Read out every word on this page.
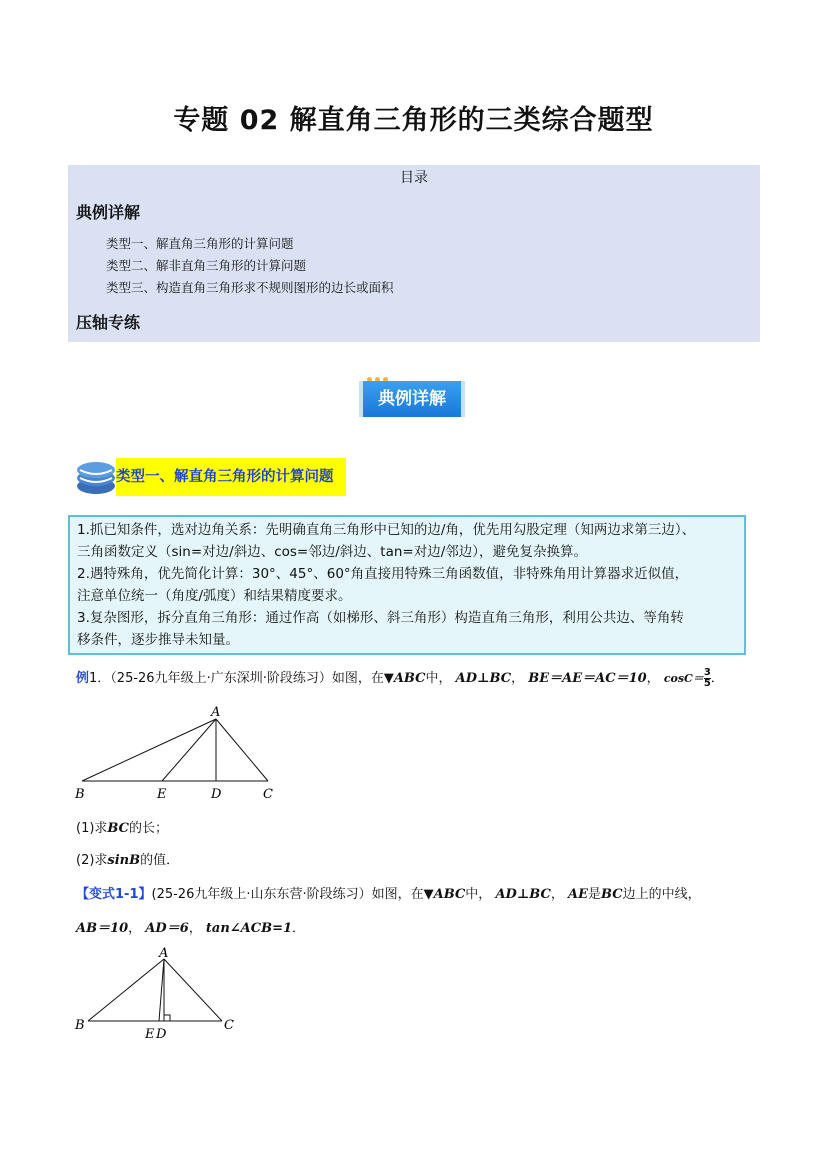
专题 02 解直角三角形的三类综合题型
目录
典例详解
类型一、解直角三角形的计算问题
类型二、解非直角三角形的计算问题
类型三、构造直角三角形求不规则图形的边长或面积
压轴专练
典例详解
类型一、解直角三角形的计算问题
1.抓已知条件，选对边角关系：先明确直角三角形中已知的边/角，优先用勾股定理（知两边求第三边）、
三角函数定义（sin=对边/斜边、cos=邻边/斜边、tan=对边/邻边），避免复杂换算。
2.遇特殊角，优先简化计算：30°、45°、60°角直接用特殊三角函数值，非特殊角用计算器求近似值，
注意单位统一（角度/弧度）和结果精度要求。
3.复杂图形，拆分直角三角形：通过作高（如梯形、斜三角形）构造直角三角形，利用公共边、等角转
移条件，逐步推导未知量。
例1．（25-26九年级上·广东深圳·阶段练习）如图，在▼ABC中， AD⊥BC， BE＝AE＝AC＝10， $\cos C= \frac{3}{5}$ ．
A
B	E	D	C
(1)求BC的长；
(2)求sinB的值．
【变式1-1】(25-26九年级上·山东东营·阶段练习）如图，在▼ABC中， AD⊥BC， AE是BC边上的中线，
AB＝10， AD＝6， tan∠ACB=1．
A
B
E D
C
